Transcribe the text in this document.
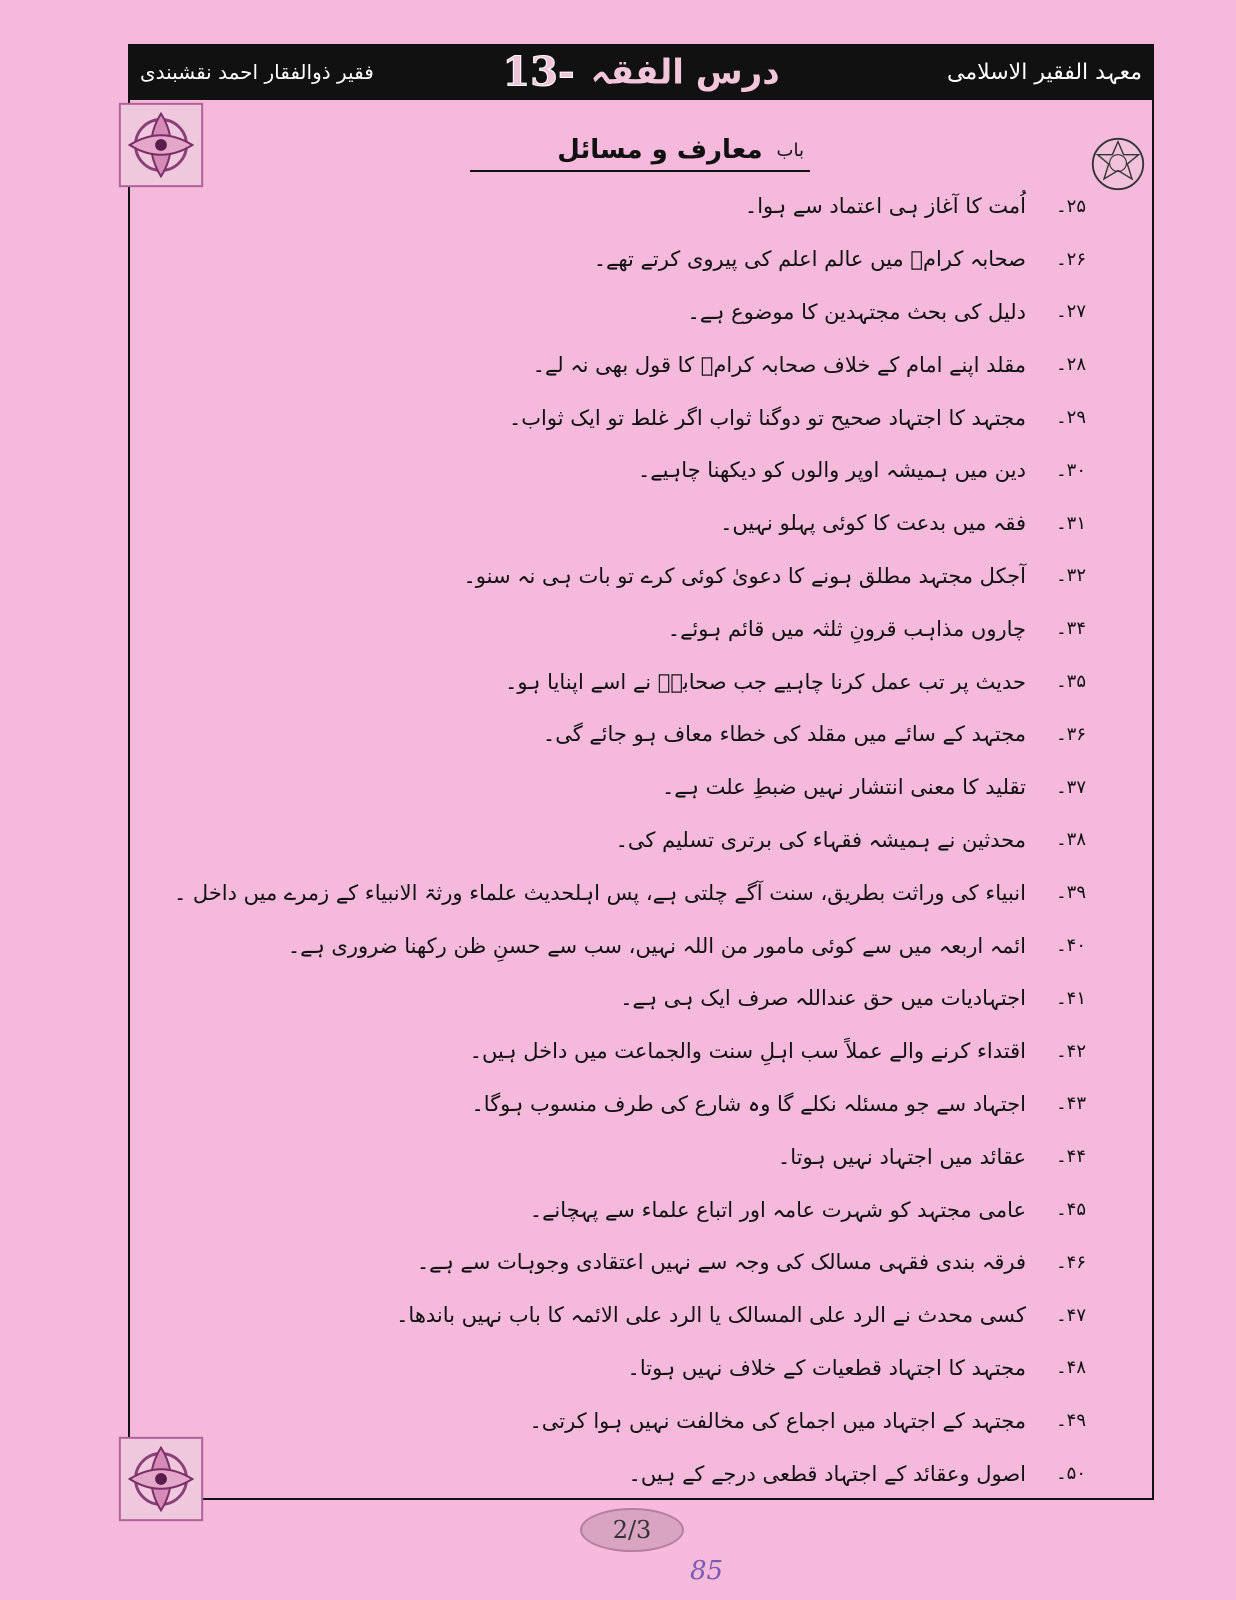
فقیر ذوالفقار احمد نقشبندی	13- درس الفقہ	معہد الفقیر الاسلامی
باب
معارف و مسائل
۲۵۔
اُمت کا آغاز ہی اعتماد سے ہوا۔
۲۶۔
صحابہ کرامؓ میں عالم اعلم کی پیروی کرتے تھے۔
۲۷۔
دلیل کی بحث مجتہدین کا موضوع ہے۔
۲۸۔
مقلد اپنے امام کے خلاف صحابہ کرامؓ کا قول بھی نہ لے۔
۲۹۔
مجتہد کا اجتہاد صحیح تو دوگنا ثواب اگر غلط تو ایک ثواب۔
۳۰۔
دین میں ہمیشہ اوپر والوں کو دیکھنا چاہیے۔
۳۱۔
فقہ میں بدعت کا کوئی پہلو نہیں۔
۳۲۔
آجکل مجتہد مطلق ہونے کا دعویٰ کوئی کرے تو بات ہی نہ سنو۔
۳۴۔
چاروں مذاہب قرونِ ثلثہ میں قائم ہوئے۔
۳۵۔
حدیث پر تب عمل کرنا چاہیے جب صحابہؓ نے اسے اپنایا ہو۔
۳۶۔
مجتہد کے سائے میں مقلد کی خطاء معاف ہو جائے گی۔
۳۷۔
تقلید کا معنی انتشار نہیں ضبطِ علت ہے۔
۳۸۔
محدثین نے ہمیشہ فقہاء کی برتری تسلیم کی۔
۳۹۔
انبیاء کی وراثت بطریق، سنت آگے چلتی ہے، پس اہلحدیث علماء ورثۃ الانبیاء کے زمرے میں داخل ۔
۴۰۔
ائمہ اربعہ میں سے کوئی مامور من اللہ نہیں، سب سے حسنِ ظن رکھنا ضروری ہے۔
۴۱۔
اجتہادیات میں حق عنداللہ صرف ایک ہی ہے۔
۴۲۔
اقتداء کرنے والے عملاً سب اہلِ سنت والجماعت میں داخل ہیں۔
۴۳۔
اجتہاد سے جو مسئلہ نکلے گا وہ شارع کی طرف منسوب ہوگا۔
۴۴۔
عقائد میں اجتہاد نہیں ہوتا۔
۴۵۔
عامی مجتہد کو شہرت عامہ اور اتباع علماء سے پہچانے۔
۴۶۔
فرقہ بندی فقہی مسالک کی وجہ سے نہیں اعتقادی وجوہات سے ہے۔
۴۷۔
کسی محدث نے الرد علی المسالک یا الرد علی الائمہ کا باب نہیں باندھا۔
۴۸۔
مجتہد کا اجتہاد قطعیات کے خلاف نہیں ہوتا۔
۴۹۔
مجتہد کے اجتہاد میں اجماع کی مخالفت نہیں ہوا کرتی۔
۵۰۔
اصول وعقائد کے اجتہاد قطعی درجے کے ہیں۔
2/3
85
